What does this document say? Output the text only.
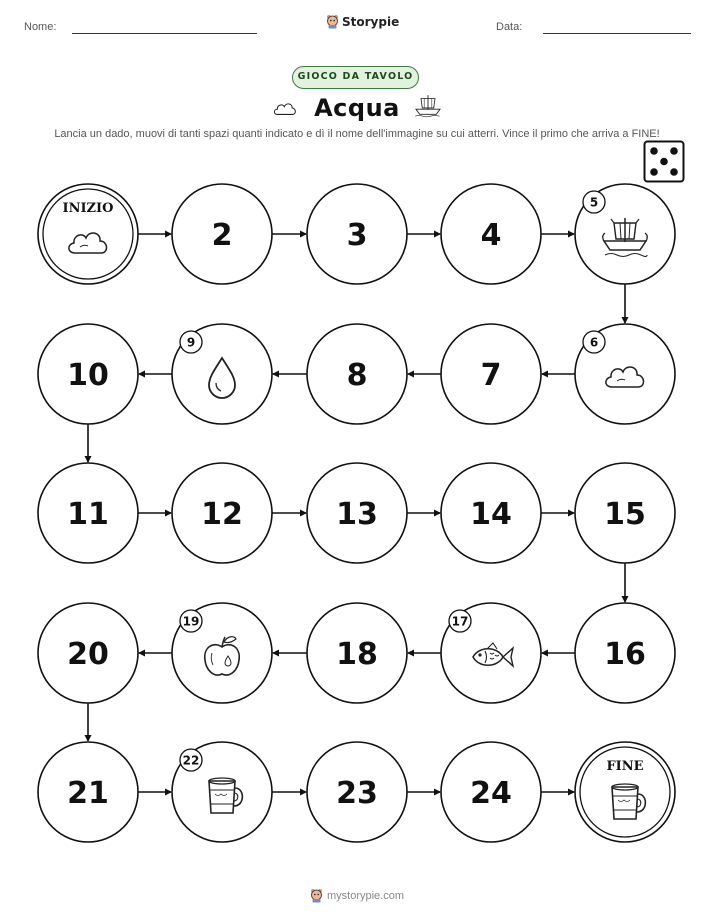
Nome:	Storypie	Data:
GIOCO DA TAVOLO
Acqua
Lancia un dado, muovi di tanti spazi quanti indicato e dì il nome dell'immagine su cui atterri. Vince il primo che arriva a FINE!
INIZIO
2	3	4
5
6
7
8
9
10
11	12	13	14	15
16
17
18
19
20
21
22
23	24
FINE
mystorypie.com
